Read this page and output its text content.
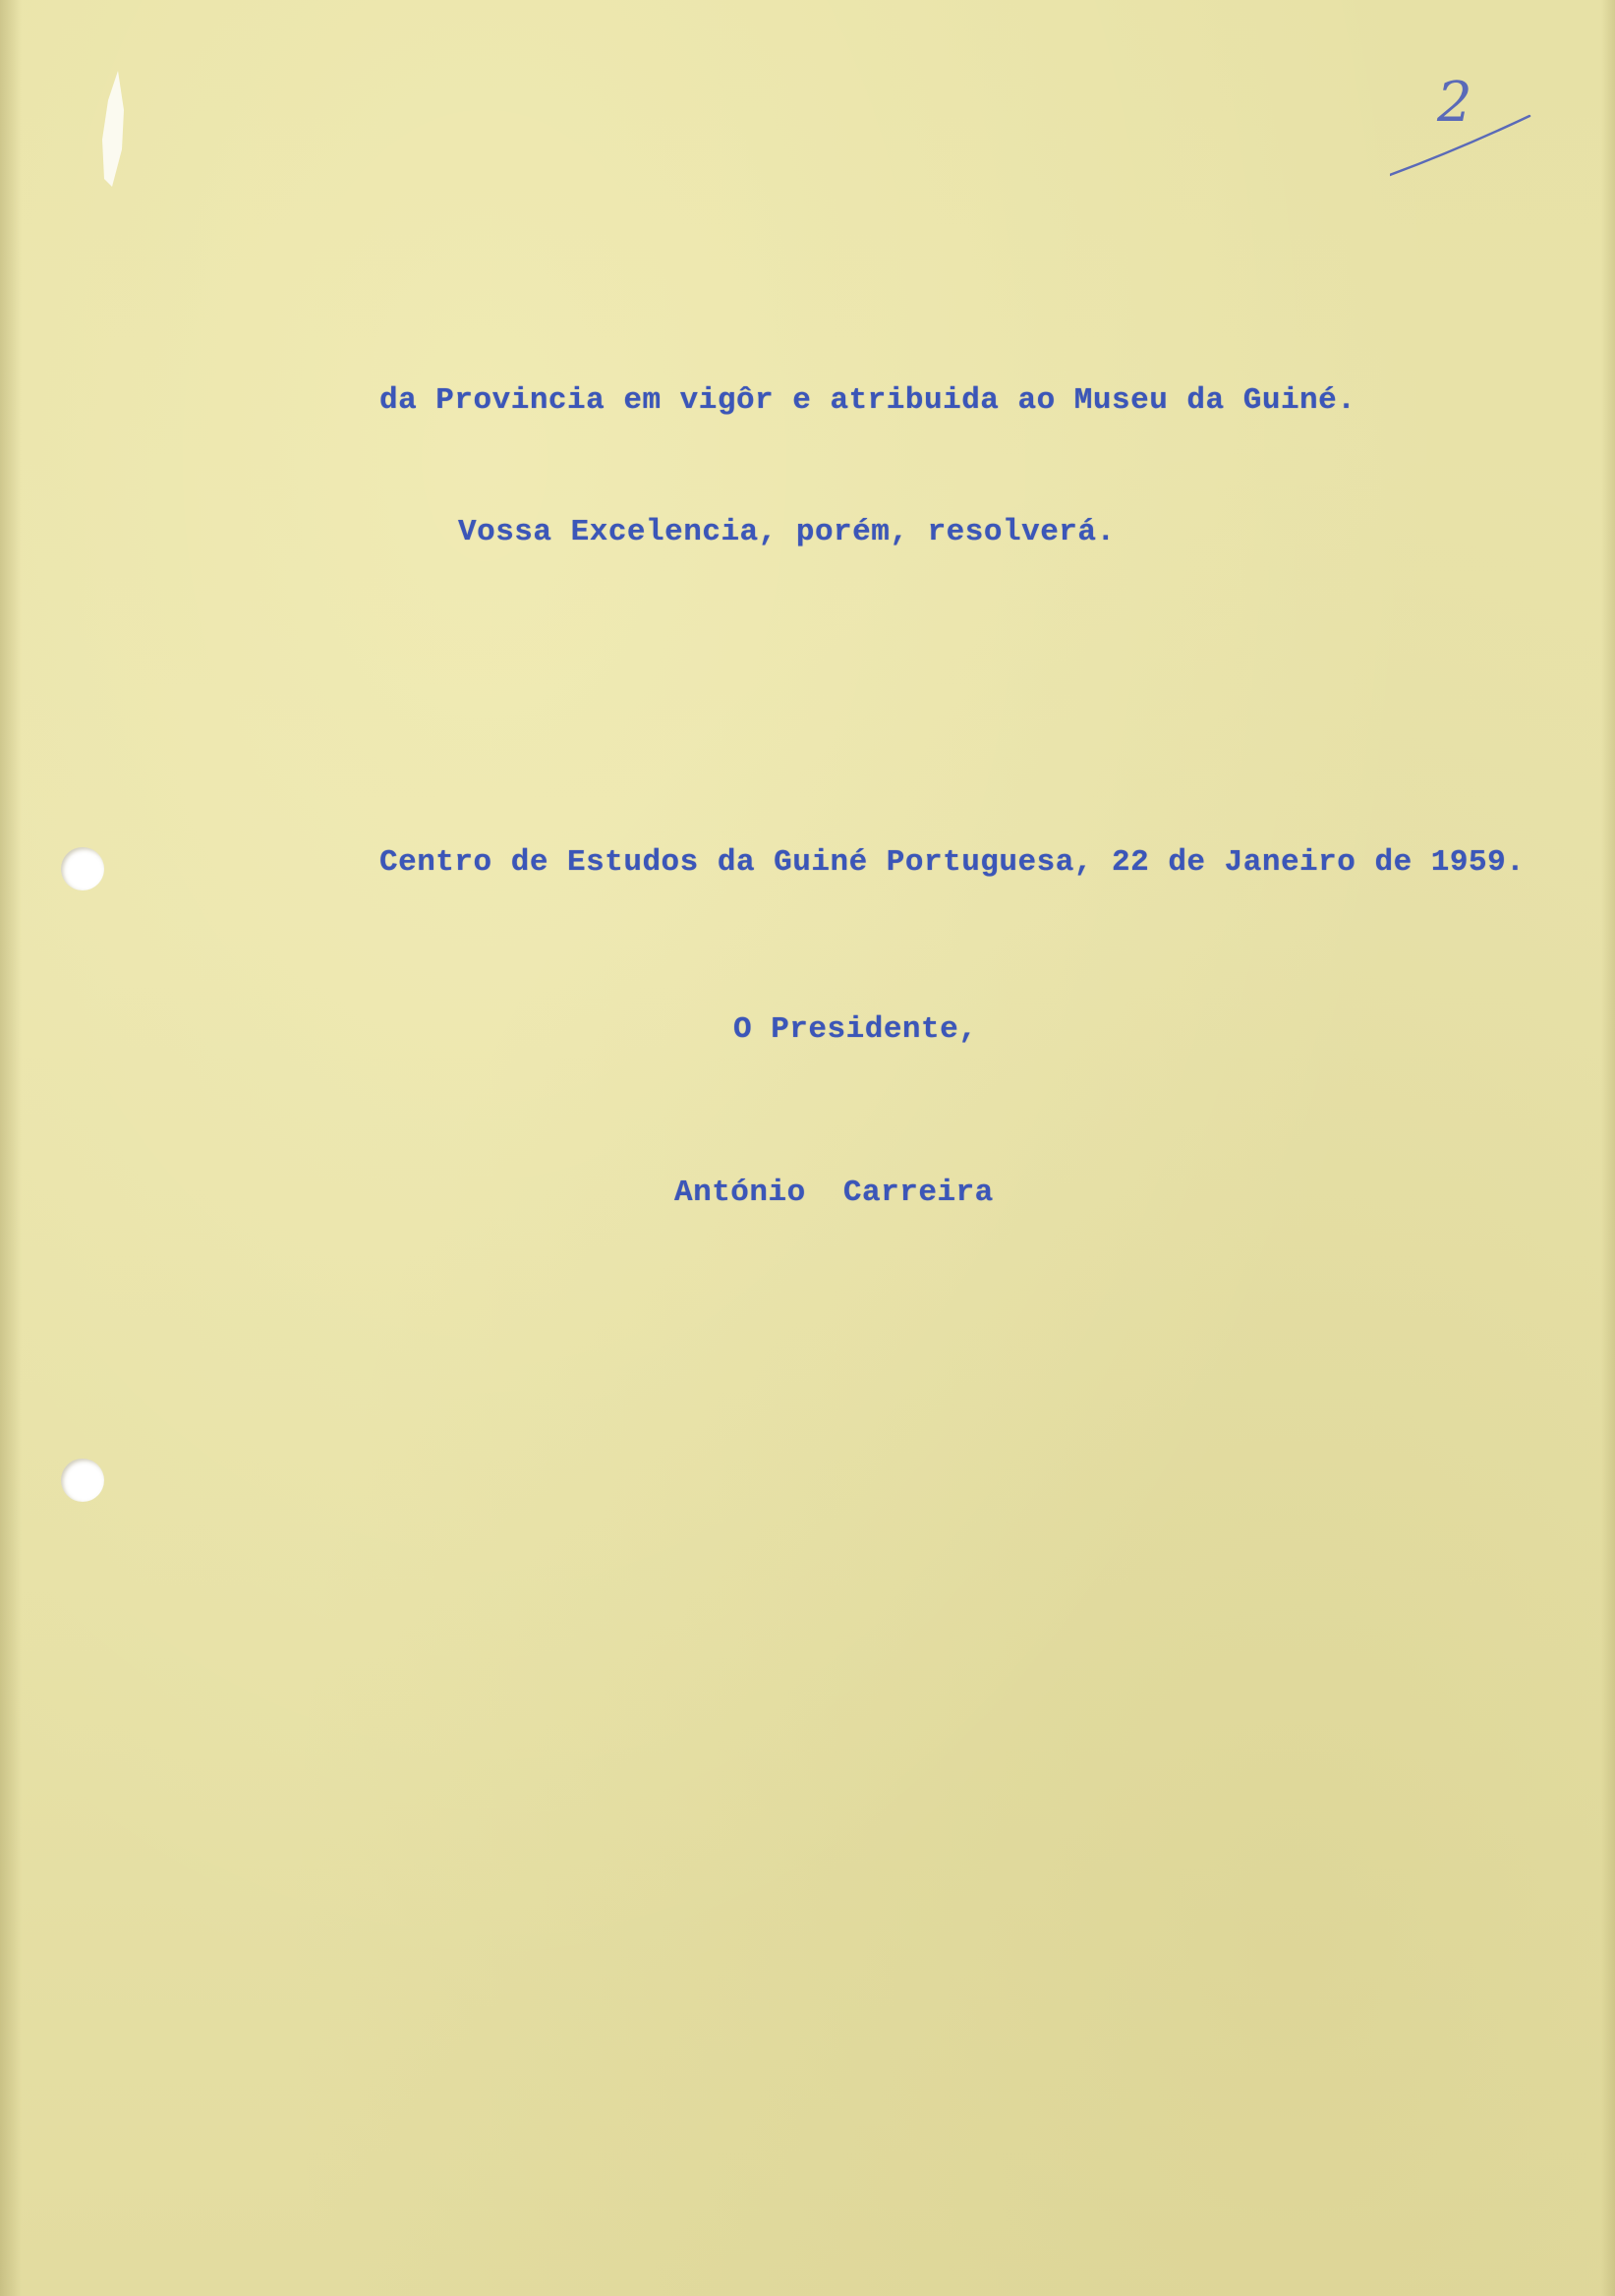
2
da Provincia em vigôr e atribuida ao Museu da Guiné.
Vossa Excelencia, porém, resolverá.
Centro de Estudos da Guiné Portuguesa, 22 de Janeiro de 1959.
O Presidente,
António  Carreira
